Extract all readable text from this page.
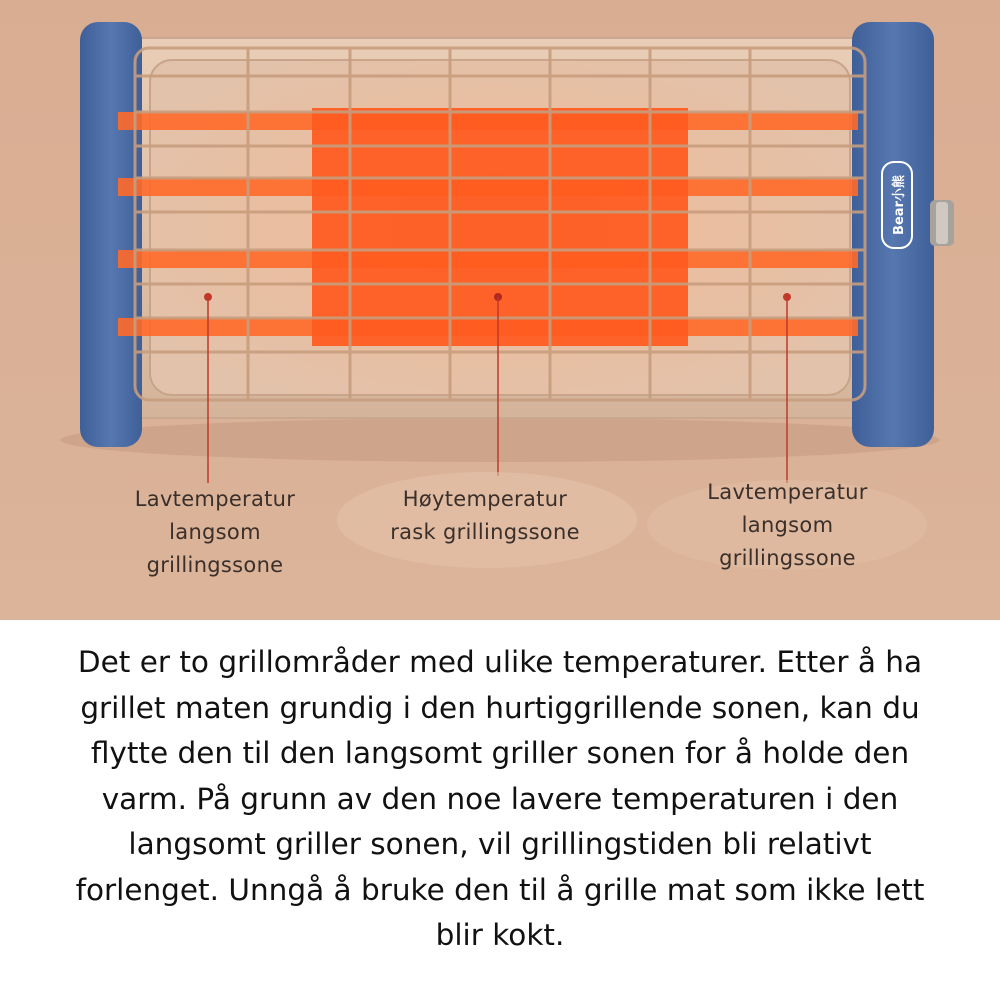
Bear小熊
Lavtemperatur
langsom
grillingssone
Høytemperatur
rask grillingssone
Lavtemperatur
langsom
grillingssone
Det er to grillområder med ulike temperaturer. Etter å ha
grillet maten grundig i den hurtiggrillende sonen, kan du
flytte den til den langsomt griller sonen for å holde den
varm. På grunn av den noe lavere temperaturen i den
langsomt griller sonen, vil grillingstiden bli relativt
forlenget. Unngå å bruke den til å grille mat som ikke lett
blir kokt.
